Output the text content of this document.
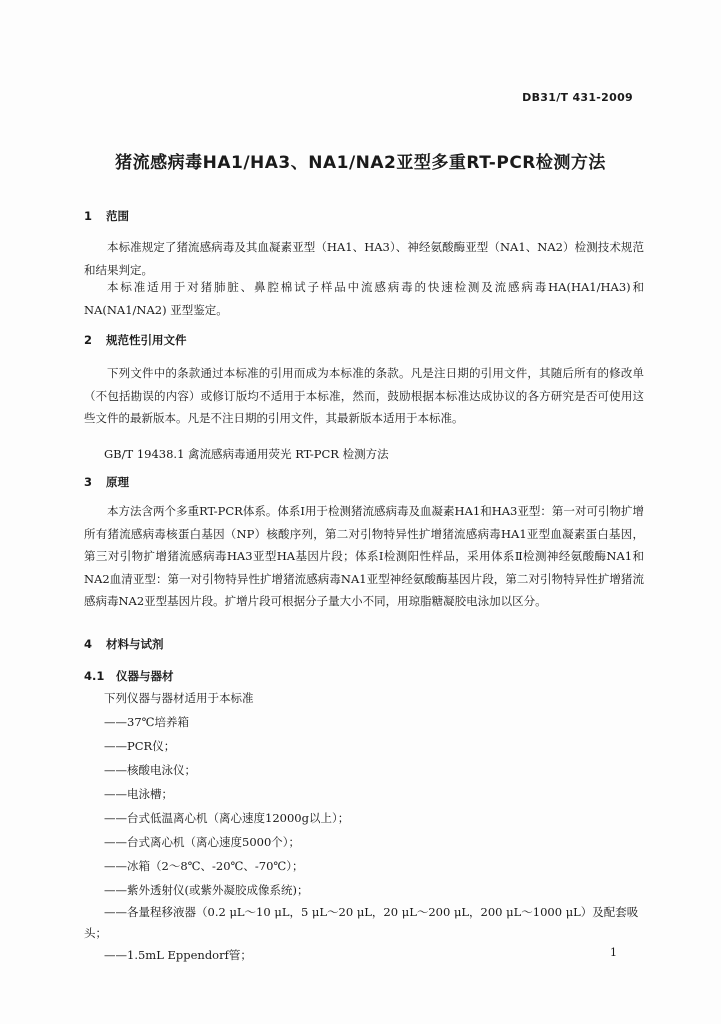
DB31/T 431-2009
猪流感病毒HA1/HA3、NA1/NA2亚型多重RT-PCR检测方法
1 范围
本标准规定了猪流感病毒及其血凝素亚型（HA1、HA3）、神经氨酸酶亚型（NA1、NA2）检测技术规范和结果判定。
本标准适用于对猪肺脏、鼻腔棉试子样品中流感病毒的快速检测及流感病毒HA(HA1/HA3)和NA(NA1/NA2) 亚型鉴定。
2 规范性引用文件
下列文件中的条款通过本标准的引用而成为本标准的条款。凡是注日期的引用文件，其随后所有的修改单（不包括勘误的内容）或修订版均不适用于本标准，然而，鼓励根据本标准达成协议的各方研究是否可使用这些文件的最新版本。凡是不注日期的引用文件，其最新版本适用于本标准。
GB/T 19438.1 禽流感病毒通用荧光 RT-PCR 检测方法
3 原理
本方法含两个多重RT-PCR体系。体系Ⅰ用于检测猪流感病毒及血凝素HA1和HA3亚型：第一对可引物扩增所有猪流感病毒核蛋白基因（NP）核酸序列，第二对引物特异性扩增猪流感病毒HA1亚型血凝素蛋白基因，第三对引物扩增猪流感病毒HA3亚型HA基因片段；体系Ⅰ检测阳性样品，采用体系Ⅱ检测神经氨酸酶NA1和NA2血清亚型：第一对引物特异性扩增猪流感病毒NA1亚型神经氨酸酶基因片段，第二对引物特异性扩增猪流感病毒NA2亚型基因片段。扩增片段可根据分子量大小不同，用琼脂糖凝胶电泳加以区分。
4 材料与试剂
4.1 仪器与器材
下列仪器与器材适用于本标准
——37℃培养箱
——PCR仪；
——核酸电泳仪；
——电泳槽；
——台式低温离心机（离心速度12000g以上）；
——台式离心机（离心速度5000个）；
——冰箱（2～8℃、-20℃、-70℃）；
——紫外透射仪(或紫外凝胶成像系统)；
——各量程移液器（0.2 μL～10 μL，5 μL～20 μL，20 μL～200 μL，200 μL～1000 μL）及配套吸头；
——1.5mL Eppendorf管；	1
